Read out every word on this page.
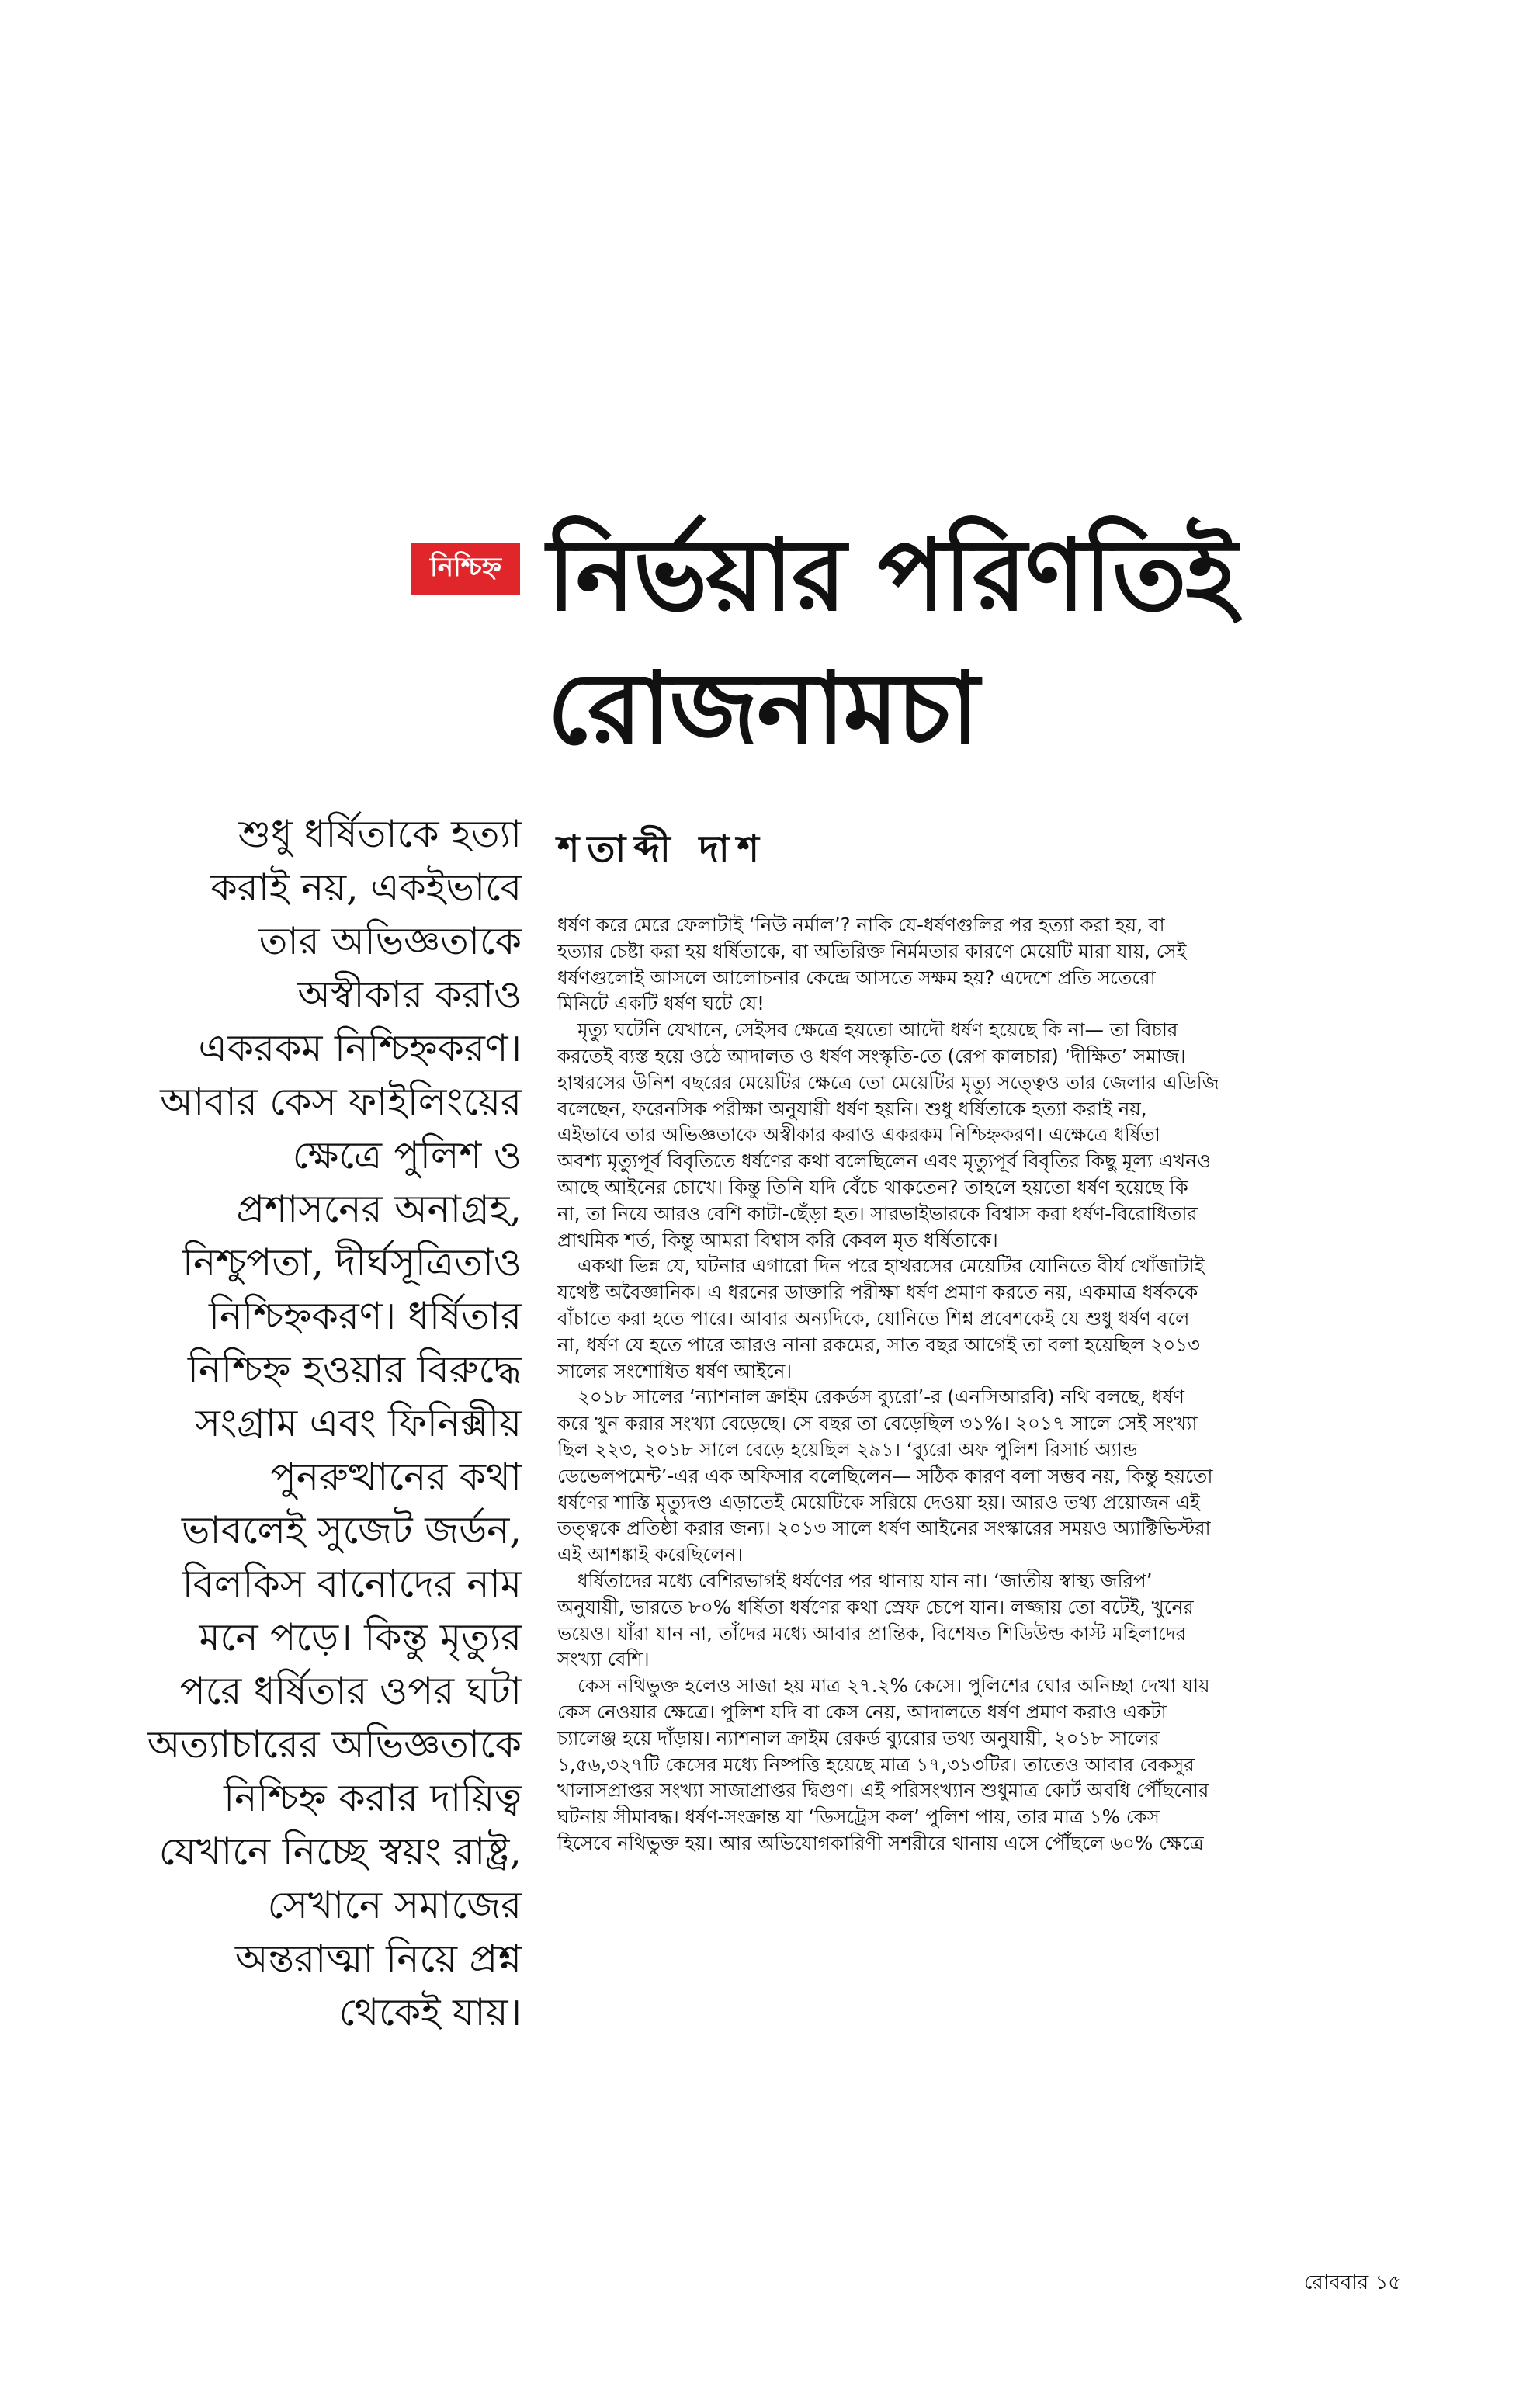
নিশ্চিহ্ন নির্ভয়ার পরিণতিই
রোজনামচা
শতাব্দী দাশ
শুধু ধর্ষিতাকে হত্যা
করাই নয়, একইভাবে
তার অভিজ্ঞতাকে
অস্বীকার করাও
একরকম নিশ্চিহ্নকরণ।
আবার কেস ফাইলিংয়ের
ক্ষেত্রে পুলিশ ও
প্রশাসনের অনাগ্রহ,
নিশ্চুপতা, দীর্ঘসূত্রিতাও
নিশ্চিহ্নকরণ। ধর্ষিতার
নিশ্চিহ্ন হওয়ার বিরুদ্ধে
সংগ্রাম এবং ফিনিক্সীয়
পুনরুত্থানের কথা
ভাবলেই সুজেট জর্ডন,
বিলকিস বানোদের নাম
মনে পড়ে। কিন্তু মৃত্যুর
পরে ধর্ষিতার ওপর ঘটা
অত্যাচারের অভিজ্ঞতাকে
নিশ্চিহ্ন করার দায়িত্ব
যেখানে নিচ্ছে স্বয়ং রাষ্ট্র,
সেখানে সমাজের
অন্তরাত্মা নিয়ে প্রশ্ন
থেকেই যায়।
ধর্ষণ করে মেরে ফেলাটাই ‘নিউ নর্মাল’? নাকি যে-ধর্ষণগুলির পর হত্যা করা হয়, বা
হত্যার চেষ্টা করা হয় ধর্ষিতাকে, বা অতিরিক্ত নির্মমতার কারণে মেয়েটি মারা যায়, সেই
ধর্ষণগুলোই আসলে আলোচনার কেন্দ্রে আসতে সক্ষম হয়? এদেশে প্রতি সতেরো
মিনিটে একটি ধর্ষণ ঘটে যে!
মৃত্যু ঘটেনি যেখানে, সেইসব ক্ষেত্রে হয়তো আদৌ ধর্ষণ হয়েছে কি না— তা বিচার
করতেই ব্যস্ত হয়ে ওঠে আদালত ও ধর্ষণ সংস্কৃতি-তে (রেপ কালচার) ‘দীক্ষিত’ সমাজ।
হাথরসের উনিশ বছরের মেয়েটির ক্ষেত্রে তো মেয়েটির মৃত্যু সত্ত্বেও তার জেলার এডিজি
বলেছেন, ফরেনসিক পরীক্ষা অনুযায়ী ধর্ষণ হয়নি। শুধু ধর্ষিতাকে হত্যা করাই নয়,
এইভাবে তার অভিজ্ঞতাকে অস্বীকার করাও একরকম নিশ্চিহ্নকরণ। এক্ষেত্রে ধর্ষিতা
অবশ্য মৃত্যুপূর্ব বিবৃতিতে ধর্ষণের কথা বলেছিলেন এবং মৃত্যুপূর্ব বিবৃতির কিছু মূল্য এখনও
আছে আইনের চোখে। কিন্তু তিনি যদি বেঁচে থাকতেন? তাহলে হয়তো ধর্ষণ হয়েছে কি
না, তা নিয়ে আরও বেশি কাটা-ছেঁড়া হত। সারভাইভারকে বিশ্বাস করা ধর্ষণ-বিরোধিতার
প্রাথমিক শর্ত, কিন্তু আমরা বিশ্বাস করি কেবল মৃত ধর্ষিতাকে।
একথা ভিন্ন যে, ঘটনার এগারো দিন পরে হাথরসের মেয়েটির যোনিতে বীর্য খোঁজাটাই
যথেষ্ট অবৈজ্ঞানিক। এ ধরনের ডাক্তারি পরীক্ষা ধর্ষণ প্রমাণ করতে নয়, একমাত্র ধর্ষককে
বাঁচাতে করা হতে পারে। আবার অন্যদিকে, যোনিতে শিশ্ন প্রবেশকেই যে শুধু ধর্ষণ বলে
না, ধর্ষণ যে হতে পারে আরও নানা রকমের, সাত বছর আগেই তা বলা হয়েছিল ২০১৩
সালের সংশোধিত ধর্ষণ আইনে।
২০১৮ সালের ‘ন্যাশনাল ক্রাইম রেকর্ডস ব্যুরো’-র (এনসিআরবি) নথি বলছে, ধর্ষণ
করে খুন করার সংখ্যা বেড়েছে। সে বছর তা বেড়েছিল ৩১%। ২০১৭ সালে সেই সংখ্যা
ছিল ২২৩, ২০১৮ সালে বেড়ে হয়েছিল ২৯১। ‘ব্যুরো অফ পুলিশ রিসার্চ অ্যান্ড
ডেভেলপমেন্ট’-এর এক অফিসার বলেছিলেন— সঠিক কারণ বলা সম্ভব নয়, কিন্তু হয়তো
ধর্ষণের শাস্তি মৃত্যুদণ্ড এড়াতেই মেয়েটিকে সরিয়ে দেওয়া হয়। আরও তথ্য প্রয়োজন এই
তত্ত্বকে প্রতিষ্ঠা করার জন্য। ২০১৩ সালে ধর্ষণ আইনের সংস্কারের সময়ও অ্যাক্টিভিস্টরা
এই আশঙ্কাই করেছিলেন।
ধর্ষিতাদের মধ্যে বেশিরভাগই ধর্ষণের পর থানায় যান না। ‘জাতীয় স্বাস্থ্য জরিপ’
অনুযায়ী, ভারতে ৮০% ধর্ষিতা ধর্ষণের কথা স্রেফ চেপে যান। লজ্জায় তো বটেই, খুনের
ভয়েও। যাঁরা যান না, তাঁদের মধ্যে আবার প্রান্তিক, বিশেষত শিডিউল্ড কাস্ট মহিলাদের
সংখ্যা বেশি।
কেস নথিভুক্ত হলেও সাজা হয় মাত্র ২৭.২% কেসে। পুলিশের ঘোর অনিচ্ছা দেখা যায়
কেস নেওয়ার ক্ষেত্রে। পুলিশ যদি বা কেস নেয়, আদালতে ধর্ষণ প্রমাণ করাও একটা
চ্যালেঞ্জ হয়ে দাঁড়ায়। ন্যাশনাল ক্রাইম রেকর্ড ব্যুরোর তথ্য অনুযায়ী, ২০১৮ সালের
১,৫৬,৩২৭টি কেসের মধ্যে নিষ্পত্তি হয়েছে মাত্র ১৭,৩১৩টির। তাতেও আবার বেকসুর
খালাসপ্রাপ্তর সংখ্যা সাজাপ্রাপ্তর দ্বিগুণ। এই পরিসংখ্যান শুধুমাত্র কোর্ট অবধি পৌঁছনোর
ঘটনায় সীমাবদ্ধ। ধর্ষণ-সংক্রান্ত যা ‘ডিসট্রেস কল’ পুলিশ পায়, তার মাত্র ১% কেস
হিসেবে নথিভুক্ত হয়। আর অভিযোগকারিণী সশরীরে থানায় এসে পৌঁছলে ৬০% ক্ষেত্রে
রোববার ১৫
